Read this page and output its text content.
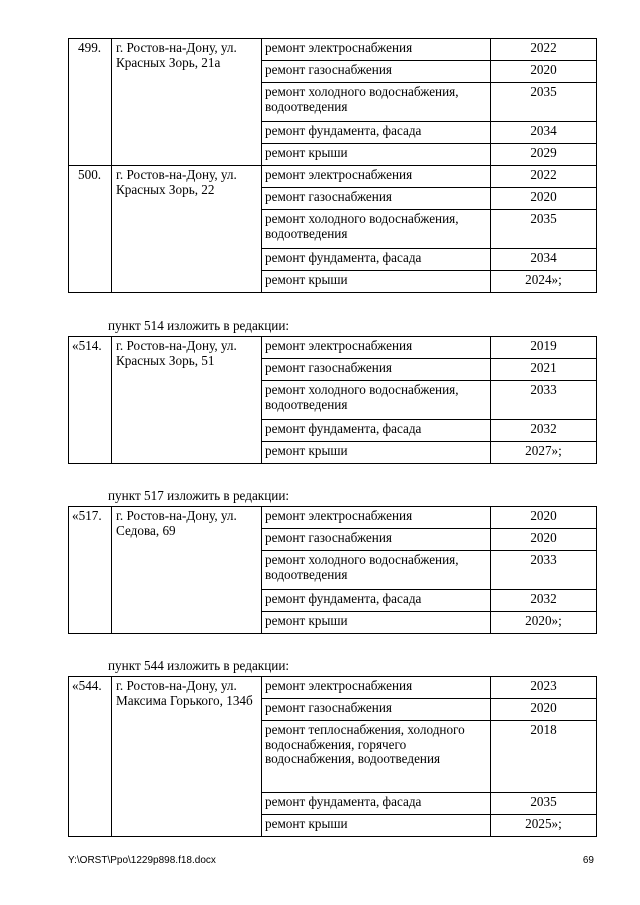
499.	г. Ростов-на-Дону, ул. Красных Зорь, 21а	ремонт электроснабжения	2022
		ремонт газоснабжения	2020
		ремонт холодного водоснабжения, водоотведения	2035
		ремонт фундамента, фасада	2034
		ремонт крыши	2029
500.	г. Ростов-на-Дону, ул. Красных Зорь, 22	ремонт электроснабжения	2022
		ремонт газоснабжения	2020
		ремонт холодного водоснабжения, водоотведения	2035
		ремонт фундамента, фасада	2034
		ремонт крыши	2024»;
пункт 514 изложить в редакции:
«514.	г. Ростов-на-Дону, ул. Красных Зорь, 51	ремонт электроснабжения	2019
		ремонт газоснабжения	2021
		ремонт холодного водоснабжения, водоотведения	2033
		ремонт фундамента, фасада	2032
		ремонт крыши	2027»;
пункт 517 изложить в редакции:
«517.	г. Ростов-на-Дону, ул. Седова, 69	ремонт электроснабжения	2020
		ремонт газоснабжения	2020
		ремонт холодного водоснабжения, водоотведения	2033
		ремонт фундамента, фасада	2032
		ремонт крыши	2020»;
пункт 544 изложить в редакции:
«544.	г. Ростов-на-Дону, ул. Максима Горького, 134б	ремонт электроснабжения	2023
		ремонт газоснабжения	2020
		ремонт теплоснабжения, холодного водоснабжения, горячего водоснабжения, водоотведения	2018
		ремонт фундамента, фасада	2035
		ремонт крыши	2025»;
Y:\ORST\Ppo\1229p898.f18.docx	69
